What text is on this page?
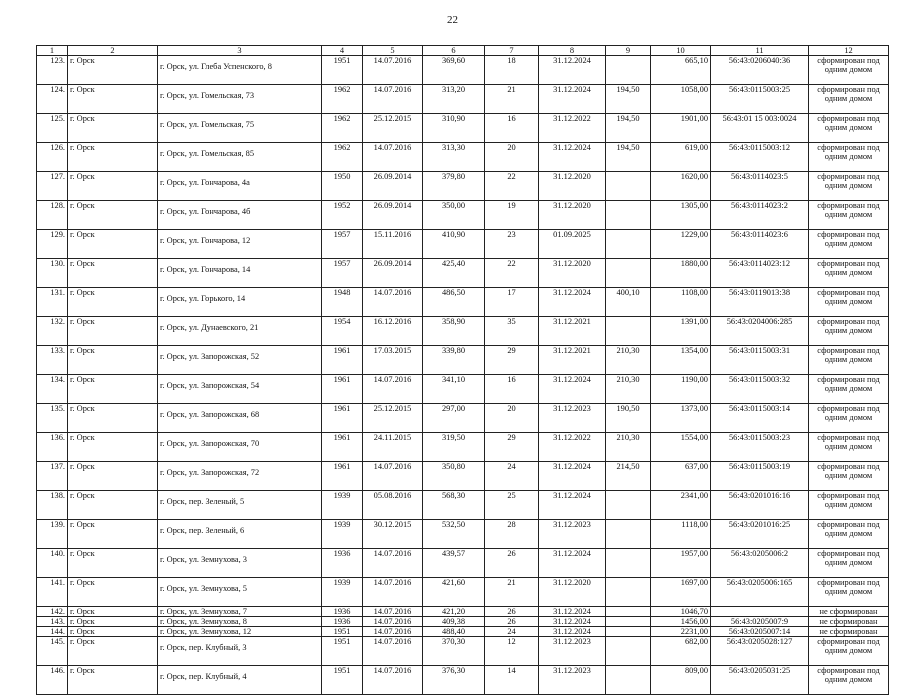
22
1	2	3	4	5	6	7	8	9	10	11	12
123.	г. Орск	г. Орск, ул. Глеба Успенского, 8	1951	14.07.2016	369,60	18	31.12.2024		665,10	56:43:0206040:36	сформирован под одним домом
124.	г. Орск	г. Орск, ул. Гомельская, 73	1962	14.07.2016	313,20	21	31.12.2024	194,50	1058,00	56:43:0115003:25	сформирован под одним домом
125.	г. Орск	г. Орск, ул. Гомельская, 75	1962	25.12.2015	310,90	16	31.12.2022	194,50	1901,00	56:43:01 15 003:0024	сформирован под одним домом
126.	г. Орск	г. Орск, ул. Гомельская, 85	1962	14.07.2016	313,30	20	31.12.2024	194,50	619,00	56:43:0115003:12	сформирован под одним домом
127.	г. Орск	г. Орск, ул. Гончарова, 4а	1950	26.09.2014	379,80	22	31.12.2020		1620,00	56:43:0114023:5	сформирован под одним домом
128.	г. Орск	г. Орск, ул. Гончарова, 4б	1952	26.09.2014	350,00	19	31.12.2020		1305,00	56:43:0114023:2	сформирован под одним домом
129.	г. Орск	г. Орск, ул. Гончарова, 12	1957	15.11.2016	410,90	23	01.09.2025		1229,00	56:43:0114023:6	сформирован под одним домом
130.	г. Орск	г. Орск, ул. Гончарова, 14	1957	26.09.2014	425,40	22	31.12.2020		1880,00	56:43:0114023:12	сформирован под одним домом
131.	г. Орск	г. Орск, ул. Горького, 14	1948	14.07.2016	486,50	17	31.12.2024	400,10	1108,00	56:43:0119013:38	сформирован под одним домом
132.	г. Орск	г. Орск, ул. Дунаевского, 21	1954	16.12.2016	358,90	35	31.12.2021		1391,00	56:43:0204006:285	сформирован под одним домом
133.	г. Орск	г. Орск, ул. Запорожская, 52	1961	17.03.2015	339,80	29	31.12.2021	210,30	1354,00	56:43:0115003:31	сформирован под одним домом
134.	г. Орск	г. Орск, ул. Запорожская, 54	1961	14.07.2016	341,10	16	31.12.2024	210,30	1190,00	56:43:0115003:32	сформирован под одним домом
135.	г. Орск	г. Орск, ул. Запорожская, 68	1961	25.12.2015	297,00	20	31.12.2023	190,50	1373,00	56:43:0115003:14	сформирован под одним домом
136.	г. Орск	г. Орск, ул. Запорожская, 70	1961	24.11.2015	319,50	29	31.12.2022	210,30	1554,00	56:43:0115003:23	сформирован под одним домом
137.	г. Орск	г. Орск, ул. Запорожская, 72	1961	14.07.2016	350,80	24	31.12.2024	214,50	637,00	56:43:0115003:19	сформирован под одним домом
138.	г. Орск	г. Орск, пер. Зеленый, 5	1939	05.08.2016	568,30	25	31.12.2024		2341,00	56:43:0201016:16	сформирован под одним домом
139.	г. Орск	г. Орск, пер. Зеленый, 6	1939	30.12.2015	532,50	28	31.12.2023		1118,00	56:43:0201016:25	сформирован под одним домом
140.	г. Орск	г. Орск, ул. Земнухова, 3	1936	14.07.2016	439,57	26	31.12.2024		1957,00	56:43:0205006:2	сформирован под одним домом
141.	г. Орск	г. Орск, ул. Земнухова, 5	1939	14.07.2016	421,60	21	31.12.2020		1697,00	56:43:0205006:165	сформирован под одним домом
142.	г. Орск	г. Орск, ул. Земнухова, 7	1936	14.07.2016	421,20	26	31.12.2024		1046,70		не сформирован
143.	г. Орск	г. Орск, ул. Земнухова, 8	1936	14.07.2016	409,38	26	31.12.2024		1456,00	56:43:0205007:9	не сформирован
144.	г. Орск	г. Орск, ул. Земнухова, 12	1951	14.07.2016	488,40	24	31.12.2024		2231,00	56:43:0205007:14	не сформирован
145.	г. Орск	г. Орск, пер. Клубный, 3	1951	14.07.2016	370,30	12	31.12.2023		682,00	56:43:0205028:127	сформирован под одним домом
146.	г. Орск	г. Орск, пер. Клубный, 4	1951	14.07.2016	376,30	14	31.12.2023		809,00	56:43:0205031:25	сформирован под одним домом
